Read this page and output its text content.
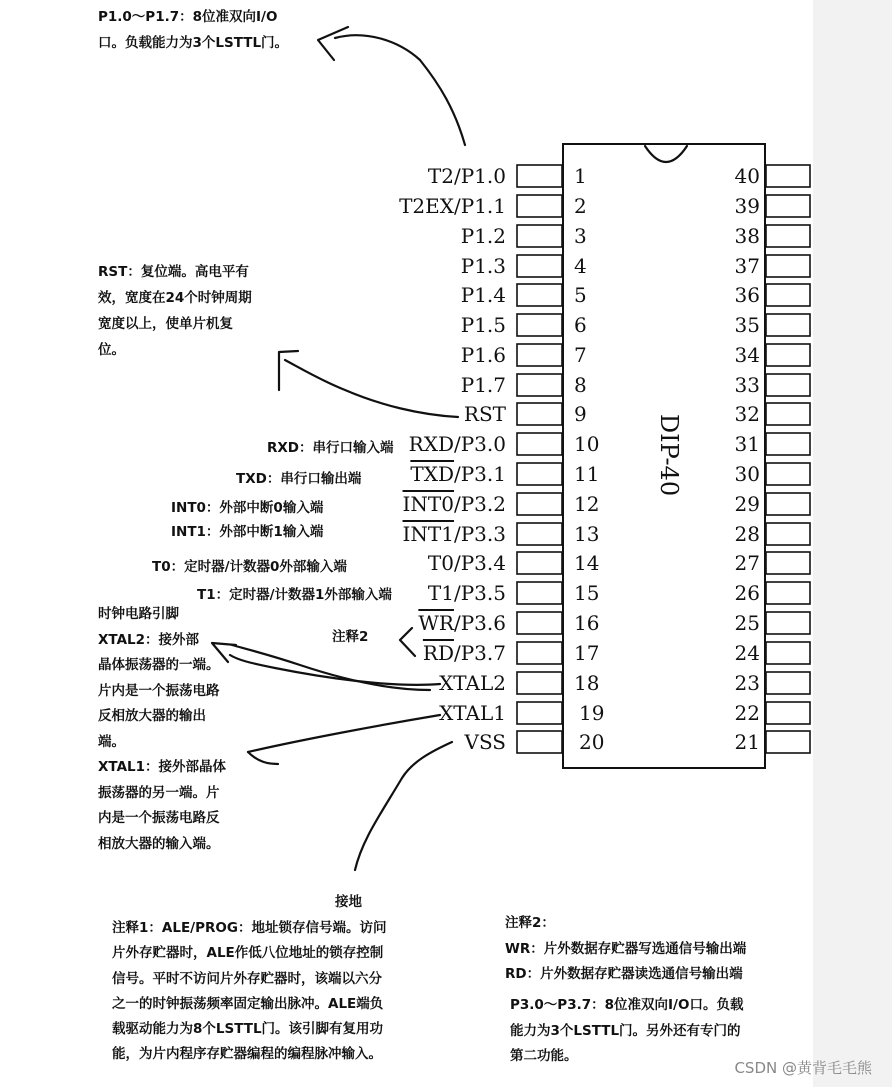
DIP-40
T2/P1.0
T2EX/P1.1
P1.2
P1.3
P1.4
P1.5
P1.6
P1.7
RST
RXD/P3.0
$\overline{TXD}/P3.1$
INT0/P3.2
INT1/P3.3
T0/P3.4
T1/P3.5
$\overline{WR}/P3.6$
$\overline{RD}/P3.7$
XTAL2
XTAL1
VSS
1
2
3
4
5
6
7
8
9
10
11
12
13
14
15
16
17
18
19
20
40
39
38
37
36
35
34
33
32
31
30
29
28
27
26
25
24
23
22
21
P1.0～P1.7：8位准双向I/O
口。负载能力为3个LSTTL门。
RST：复位端。高电平有
效，宽度在24个时钟周期
宽度以上，使单片机复
位。
RXD：串行口输入端
TXD：串行口输出端
INT0：外部中断0输入端
INT1：外部中断1输入端
T0：定时器/计数器0外部输入端
T1：定时器/计数器1外部输入端
注释2
时钟电路引脚
XTAL2：接外部
晶体振荡器的一端。
片内是一个振荡电路
反相放大器的输出
端。
XTAL1：接外部晶体
振荡器的另一端。片
内是一个振荡电路反
相放大器的输入端。
接地
注释1：ALE/PROG：地址锁存信号端。访问
片外存贮器时，ALE作低八位地址的锁存控制
信号。平时不访问片外存贮器时，该端以六分
之一的时钟振荡频率固定输出脉冲。ALE端负
载驱动能力为8个LSTTL门。该引脚有复用功
能，为片内程序存贮器编程的编程脉冲输入。
注释2：
WR：片外数据存贮器写选通信号输出端
RD：片外数据存贮器读选通信号输出端
P3.0～P3.7：8位准双向I/O口。负载
能力为3个LSTTL门。另外还有专门的
第二功能。
CSDN @黄背毛毛熊
